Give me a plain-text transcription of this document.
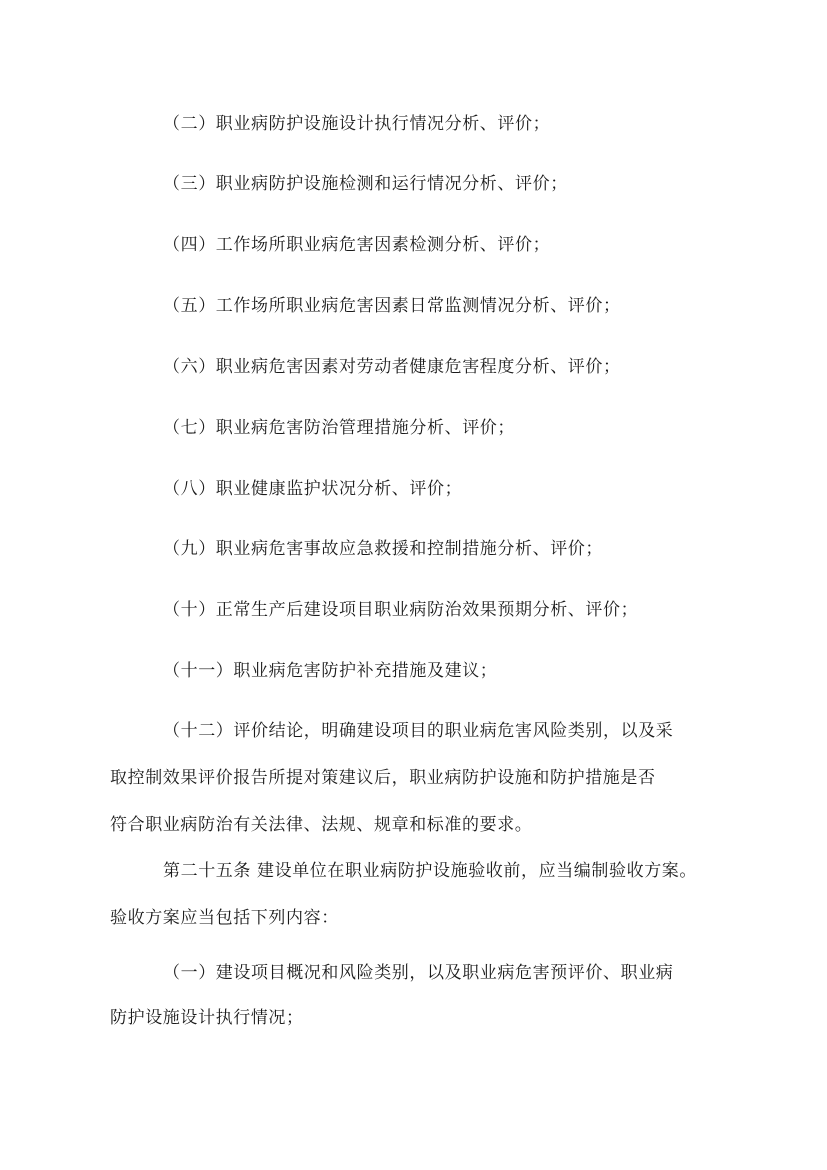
（二）职业病防护设施设计执行情况分析、评价；
（三）职业病防护设施检测和运行情况分析、评价；
（四）工作场所职业病危害因素检测分析、评价；
（五）工作场所职业病危害因素日常监测情况分析、评价；
（六）职业病危害因素对劳动者健康危害程度分析、评价；
（七）职业病危害防治管理措施分析、评价；
（八）职业健康监护状况分析、评价；
（九）职业病危害事故应急救援和控制措施分析、评价；
（十）正常生产后建设项目职业病防治效果预期分析、评价；
（十一）职业病危害防护补充措施及建议；
（十二）评价结论，明确建设项目的职业病危害风险类别，以及采
取控制效果评价报告所提对策建议后，职业病防护设施和防护措施是否
符合职业病防治有关法律、法规、规章和标准的要求。
第二十五条 建设单位在职业病防护设施验收前，应当编制验收方案。
验收方案应当包括下列内容：
（一）建设项目概况和风险类别，以及职业病危害预评价、职业病
防护设施设计执行情况；
